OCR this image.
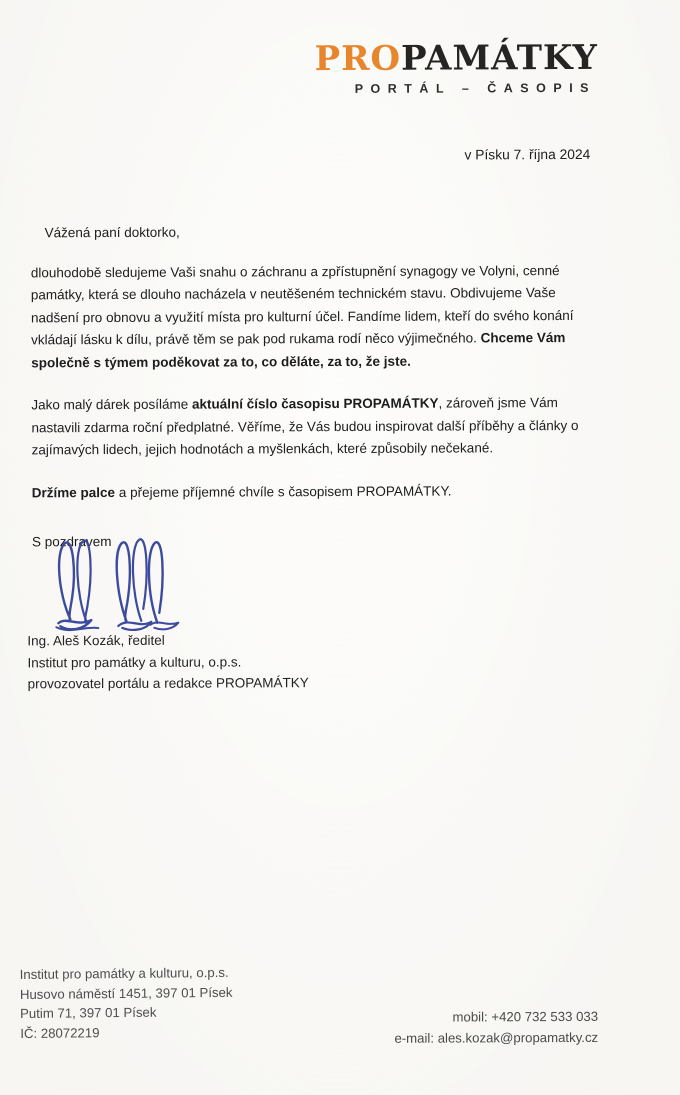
PROPAMÁTKY
PORTÁL – ČASOPIS
v Písku 7. října 2024
Vážená paní doktorko,

dlouhodobě sledujeme Vaši snahu o záchranu a zpřístupnění synagogy ve Volyni, cenné památky, která se dlouho nacházela v neutěšeném technickém stavu. Obdivujeme Vaše nadšení pro obnovu a využití místa pro kulturní účel. Fandíme lidem, kteří do svého konání vkládají lásku k dílu, právě těm se pak pod rukama rodí něco výjimečného. Chceme Vám společně s týmem poděkovat za to, co děláte, za to, že jste.

Jako malý dárek posíláme aktuální číslo časopisu PROPAMÁTKY, zároveň jsme Vám nastavili zdarma roční předplatné. Věříme, že Vás budou inspirovat další příběhy a články o zajímavých lidech, jejich hodnotách a myšlenkách, které způsobily nečekané.

Držíme palce a přejeme příjemné chvíle s časopisem PROPAMÁTKY.

S pozdravem
Ing. Aleš Kozák, ředitel
Institut pro památky a kulturu, o.p.s.
provozovatel portálu a redakce PROPAMÁTKY
Institut pro památky a kulturu, o.p.s.
Husovo náměstí 1451, 397 01 Písek
Putim 71, 397 01 Písek
IČ: 28072219
mobil: +420 732 533 033
e-mail: ales.kozak@propamatky.cz
